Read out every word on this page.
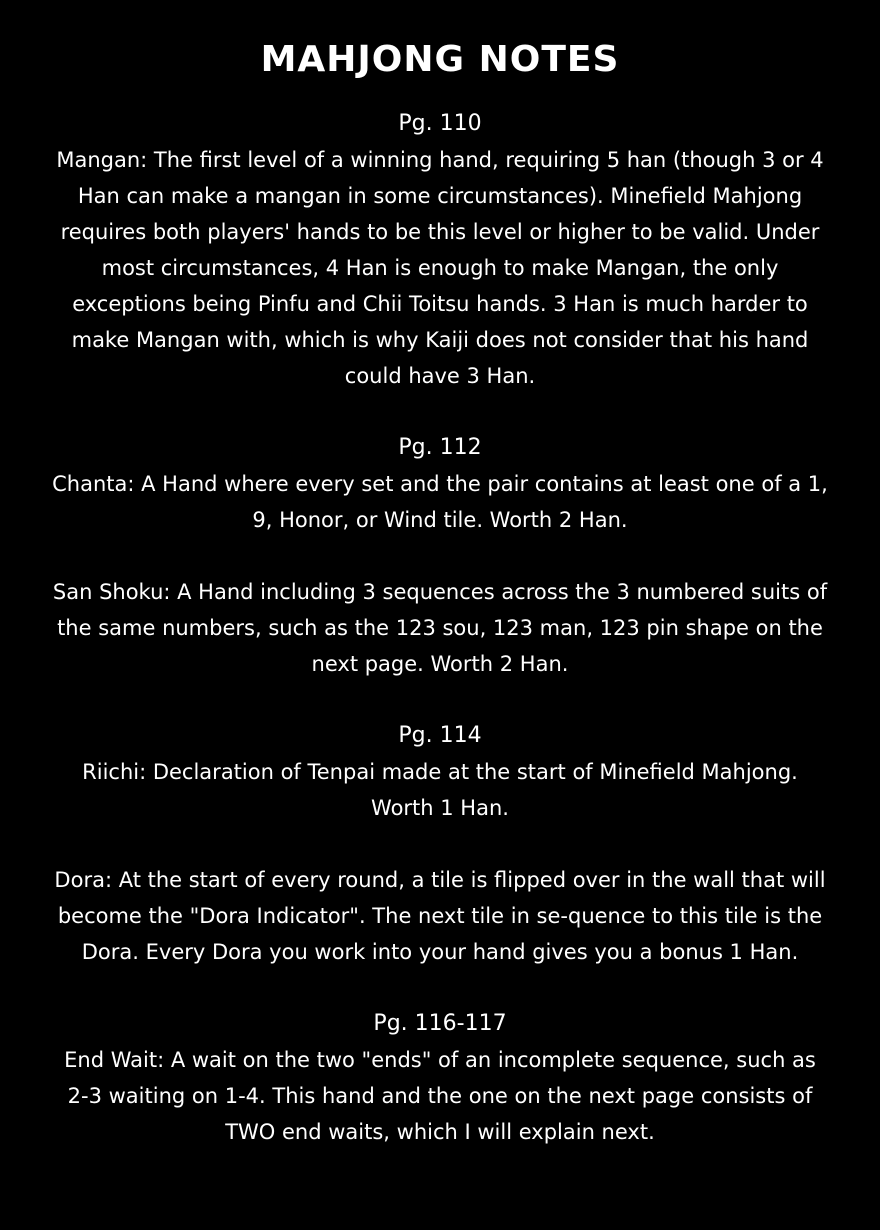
MAHJONG NOTES

Pg. 110

Mangan: The first level of a winning hand, requiring 5 han (though 3 or 4 Han can make a mangan in some circumstances). Minefield Mahjong requires both players' hands to be this level or higher to be valid. Under most circumstances, 4 Han is enough to make Mangan, the only exceptions being Pinfu and Chii Toitsu hands. 3 Han is much harder to make Mangan with, which is why Kaiji does not consider that his hand could have 3 Han.

Pg. 112

Chanta: A Hand where every set and the pair contains at least one of a 1, 9, Honor, or Wind tile. Worth 2 Han.

San Shoku: A Hand including 3 sequences across the 3 numbered suits of the same numbers, such as the 123 sou, 123 man, 123 pin shape on the next page. Worth 2 Han.

Pg. 114

Riichi: Declaration of Tenpai made at the start of Minefield Mahjong. Worth 1 Han.

Dora: At the start of every round, a tile is flipped over in the wall that will become the "Dora Indicator". The next tile in se-quence to this tile is the Dora. Every Dora you work into your hand gives you a bonus 1 Han.

Pg. 116-117

End Wait: A wait on the two "ends" of an incomplete sequence, such as 2-3 waiting on 1-4. This hand and the one on the next page consists of TWO end waits, which I will explain next.
